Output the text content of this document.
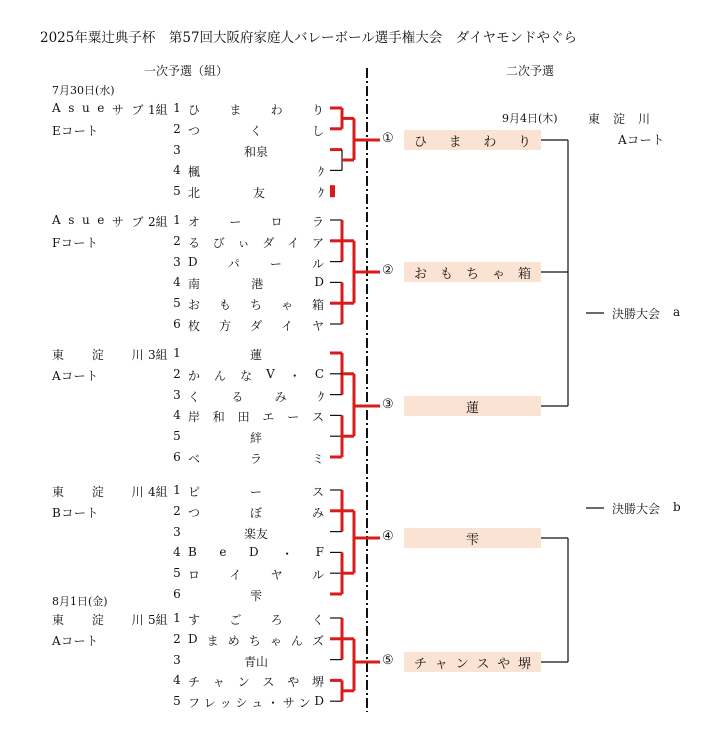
2025年粟辻典子杯　第57回大阪府家庭人バレーボール選手権大会　ダイヤモンドやぐら
一次予選（組）	二次予選
7月30日(水)
8月1日(金)
9月4日(木)	東　淀　川
Aコート
A s u e サ ブ
Eコート
1組 1 ひ ま わ り
2 つ	く	し
3	和 泉
4 楓	ｸ
5 北	友	ｸ
A s u e サ ブ
Fコート
2組 1 オ ー ロ ラ
2 る び ぃ ダ イ ア
3 D	パ	ー	ル
4 南	港	D
5 お も ち ゃ 箱
6 枚 方 ダ イ ヤ
東 淀 川
Aコート
3組 1	蓮
2 か ん な V ・ C
3 く	る	み	ｸ
4 岸 和 田 エ ー ス
5	絆
6 ベ	ラ	ミ
東 淀 川
Bコート
4組 1 ピ	ー	ス
2 つ	ぼ	み
3	楽 友
4 B e D ・ F
5 ロ イ ヤ ル
6	雫
東 淀 川
Aコート
5組 1 す ご ろ く
2 D ま め ち ゃ ん ズ
3	青 山
4 チ ャ ン ス や 堺
5 フ レ ッ シ ュ ・ サ ン D
① ひ ま わ り
② お も ち ゃ 箱
③	蓮
④	雫
⑤ チ ャ ン ス や 堺
決勝大会 a
決勝大会 b
